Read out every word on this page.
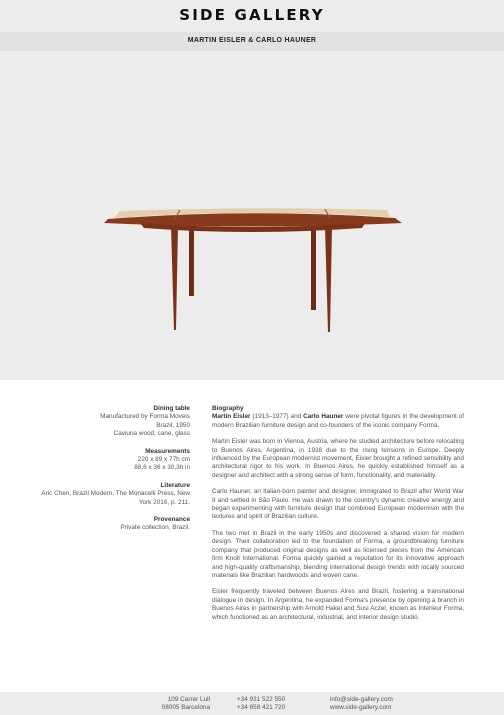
SIDE GALLERY
MARTIN EISLER & CARLO HAUNER
Dining table
Manufactured by Forma Moveis
Brazil, 1950
Caviuna wood, cane, glass
Measurements
220 x 89 x 77h cm
88,6 x 36 x 30,3h in
Literature
Aric Chen, Brazil Modern, The Monacelli Press, New
York 2016, p. 211.
Provenance
Private collection, Brazil.
Biography

Martin Eisler (1913–1977) and Carlo Hauner were pivotal figures in the development of modern Brazilian furniture design and co-founders of the iconic company Forma.

Martin Eisler was born in Vienna, Austria, where he studied architecture before relocating to Buenos Aires, Argentina, in 1938 due to the rising tensions in Europe. Deeply influenced by the European modernist movement, Eisler brought a refined sensibility and architectural rigor to his work. In Buenos Aires, he quickly established himself as a designer and architect with a strong sense of form, functionality, and materiality.

Carlo Hauner, an Italian-born painter and designer, immigrated to Brazil after World War II and settled in São Paulo. He was drawn to the country's dynamic creative energy and began experimenting with furniture design that combined European modernism with the textures and spirit of Brazilian culture.

The two met in Brazil in the early 1950s and discovered a shared vision for modern design. Their collaboration led to the foundation of Forma, a groundbreaking furniture company that produced original designs as well as licensed pieces from the American firm Knoll International. Forma quickly gained a reputation for its innovative approach and high-quality craftsmanship, blending international design trends with locally sourced materials like Brazilian hardwoods and woven cane.

Eisler frequently traveled between Buenos Aires and Brazil, fostering a transnational dialogue in design. In Argentina, he expanded Forma's presence by opening a branch in Buenos Aires in partnership with Arnold Hakel and Susi Aczel, known as Interieur Forma, which functioned as an architectural, industrial, and interior design studio.

109 Carrer Lull
08005 Barcelona
+34 931 522 550
+34 658 421 720
info@side-gallery.com
www.side-gallery.com
